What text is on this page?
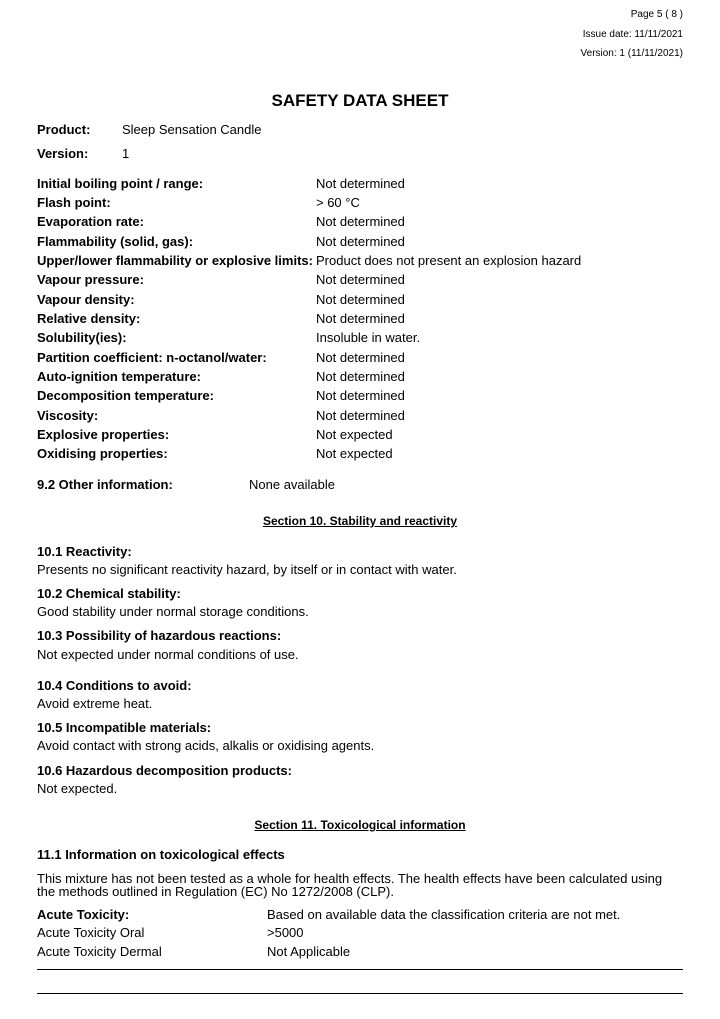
Page 5 ( 8 )
Issue date: 11/11/2021
Version: 1 (11/11/2021)
SAFETY DATA SHEET
Product: Sleep Sensation Candle
Version:	1
Initial boiling point / range:	Not determined
Flash point:	> 60 °C
Evaporation rate:	Not determined
Flammability (solid, gas):	Not determined
Upper/lower flammability or explosive limits: Product does not present an explosion hazard
Vapour pressure:	Not determined
Vapour density:	Not determined
Relative density:	Not determined
Solubility(ies):	Insoluble in water.
Partition coefficient: n-octanol/water:	Not determined
Auto-ignition temperature:	Not determined
Decomposition temperature:	Not determined
Viscosity:	Not determined
Explosive properties:	Not expected
Oxidising properties:	Not expected
9.2 Other information:	None available
Section 10. Stability and reactivity
10.1 Reactivity:
Presents no significant reactivity hazard, by itself or in contact with water.
10.2 Chemical stability:
Good stability under normal storage conditions.
10.3 Possibility of hazardous reactions:
Not expected under normal conditions of use.
10.4 Conditions to avoid:
Avoid extreme heat.
10.5 Incompatible materials:
Avoid contact with strong acids, alkalis or oxidising agents.
10.6 Hazardous decomposition products:
Not expected.
Section 11. Toxicological information
11.1 Information on toxicological effects
This mixture has not been tested as a whole for health effects. The health effects have been calculated using the methods outlined in Regulation (EC) No 1272/2008 (CLP).
Acute Toxicity:	Based on available data the classification criteria are not met.
Acute Toxicity Oral	>5000
Acute Toxicity Dermal	Not Applicable
